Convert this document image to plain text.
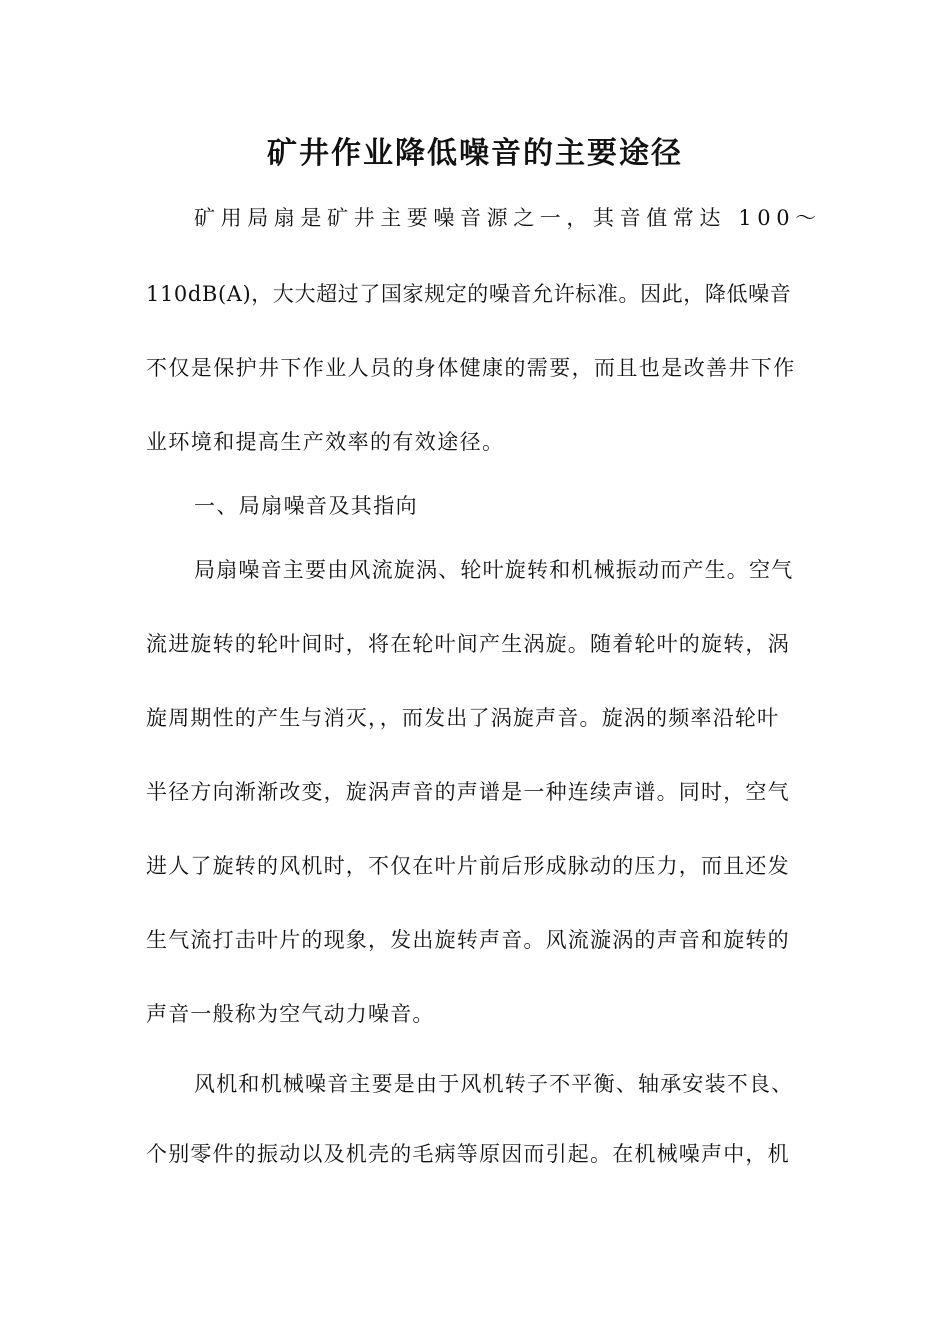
矿井作业降低噪音的主要途径
矿用局扇是矿井主要噪音源之一，其音值常达 100～
110dB(A)，大大超过了国家规定的噪音允许标准。因此，降低噪音
不仅是保护井下作业人员的身体健康的需要，而且也是改善井下作
业环境和提高生产效率的有效途径。
一、局扇噪音及其指向
局扇噪音主要由风流旋涡、轮叶旋转和机械振动而产生。空气
流进旋转的轮叶间时，将在轮叶间产生涡旋。随着轮叶的旋转，涡
旋周期性的产生与消灭，，而发出了涡旋声音。旋涡的频率沿轮叶
半径方向渐渐改变，旋涡声音的声谱是一种连续声谱。同时，空气
进人了旋转的风机时，不仅在叶片前后形成脉动的压力，而且还发
生气流打击叶片的现象，发出旋转声音。风流漩涡的声音和旋转的
声音一般称为空气动力噪音。
风机和机械噪音主要是由于风机转子不平衡、轴承安装不良、
个别零件的振动以及机壳的毛病等原因而引起。在机械噪声中，机
